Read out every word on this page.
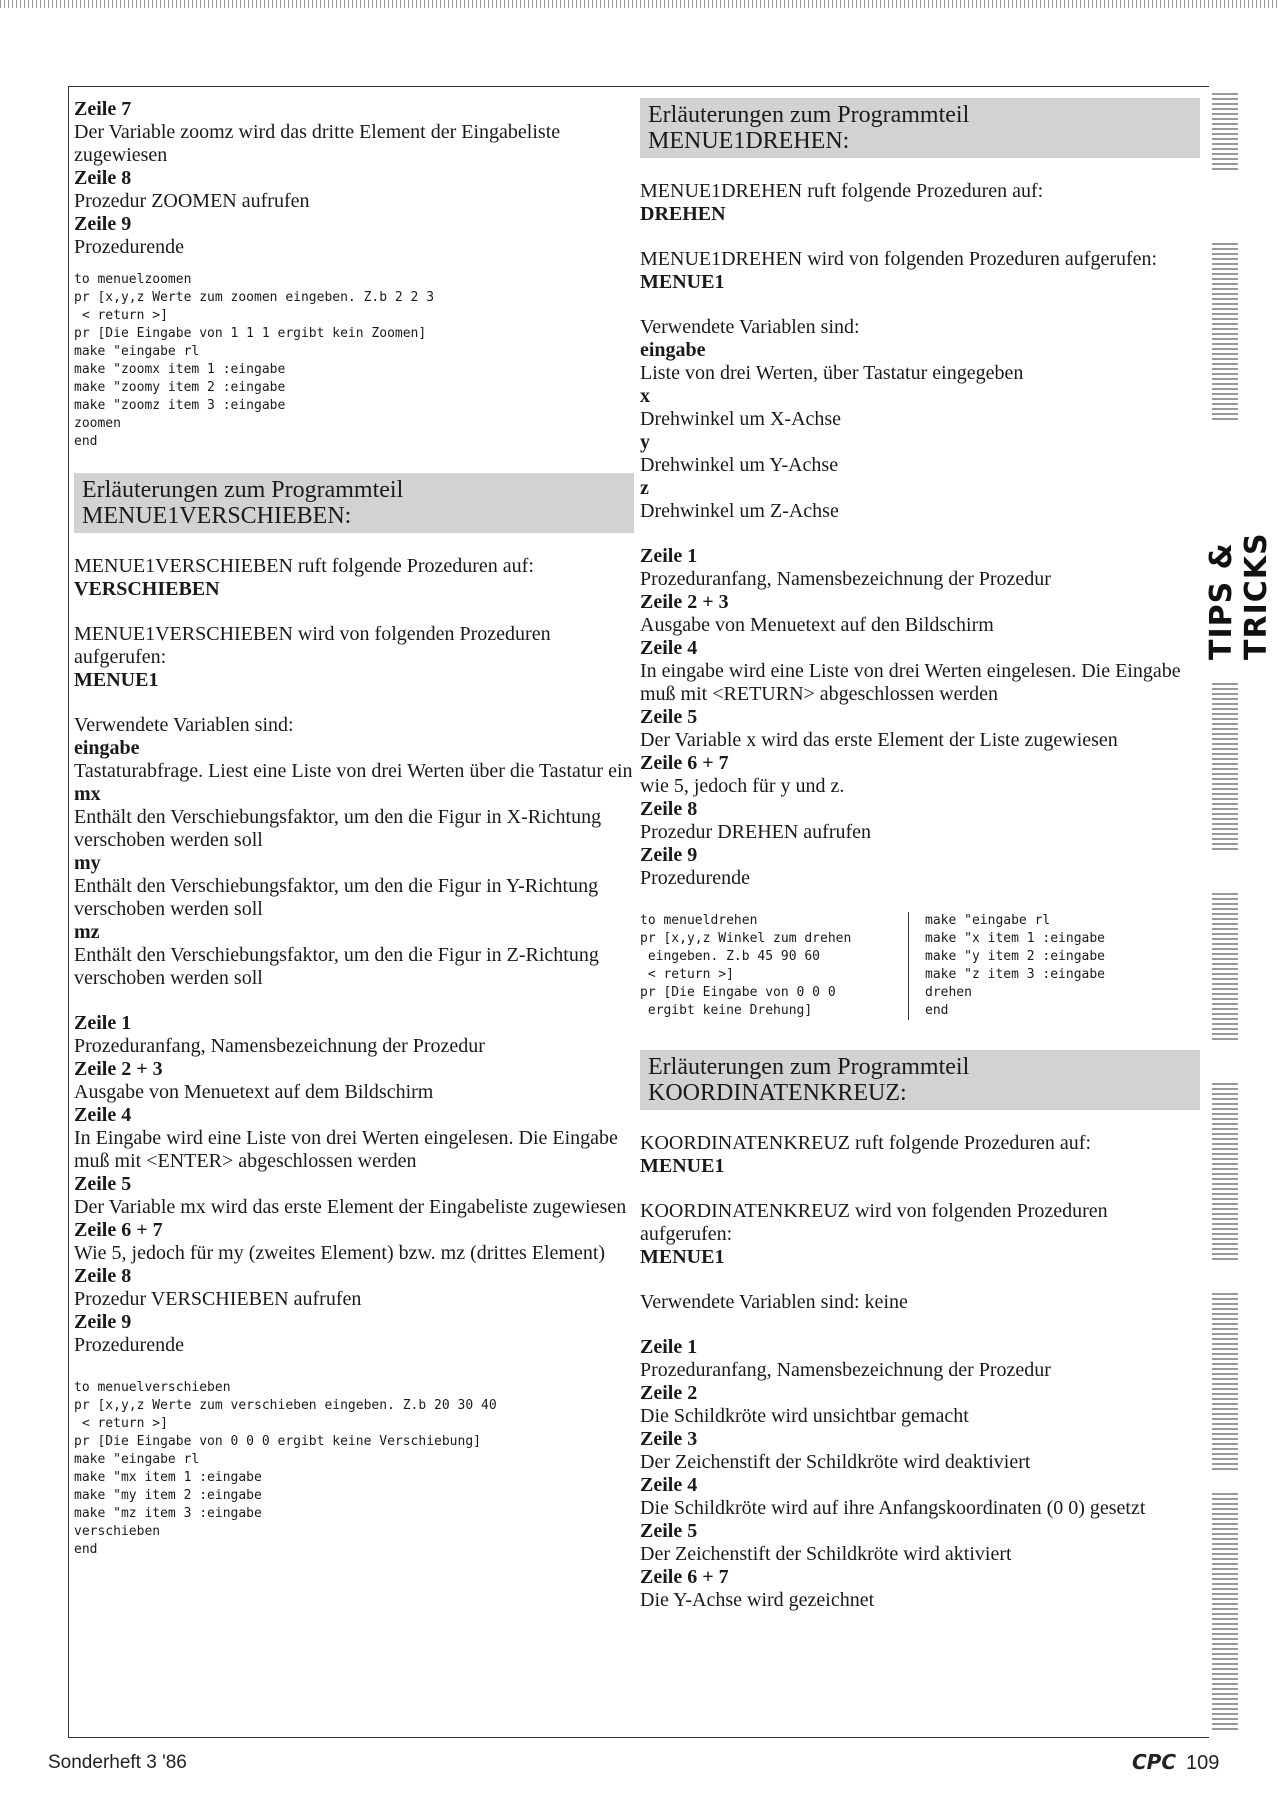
Zeile 7
Der Variable zoomz wird das dritte Element der Eingabeliste zugewiesen
Zeile 8
Prozedur ZOOMEN aufrufen
Zeile 9
Prozedurende
to menuelzoomen
pr [x,y,z Werte zum zoomen eingeben. Z.b 2 2 3
< return >]
pr [Die Eingabe von 1 1 1 ergibt kein Zoomen]
make "eingabe rl
make "zoomx item 1 :eingabe
make "zoomy item 2 :eingabe
make "zoomz item 3 :eingabe
zoomen
end
Erläuterungen zum Programmteil
MENUE1VERSCHIEBEN:
MENUE1VERSCHIEBEN ruft folgende Prozeduren auf:
VERSCHIEBEN
MENUE1VERSCHIEBEN wird von folgenden Prozeduren aufgerufen:
MENUE1
Verwendete Variablen sind:
eingabe
Tastaturabfrage. Liest eine Liste von drei Werten über die Tastatur ein
mx
Enthält den Verschiebungsfaktor, um den die Figur in X-Richtung verschoben werden soll
my
Enthält den Verschiebungsfaktor, um den die Figur in Y-Richtung verschoben werden soll
mz
Enthält den Verschiebungsfaktor, um den die Figur in Z-Richtung verschoben werden soll
Zeile 1
Prozeduranfang, Namensbezeichnung der Prozedur
Zeile 2 + 3
Ausgabe von Menuetext auf dem Bildschirm
Zeile 4
In Eingabe wird eine Liste von drei Werten eingelesen. Die Eingabe muß mit <ENTER> abgeschlossen werden
Zeile 5
Der Variable mx wird das erste Element der Eingabeliste zugewiesen
Zeile 6 + 7
Wie 5, jedoch für my (zweites Element) bzw. mz (drittes Element)
Zeile 8
Prozedur VERSCHIEBEN aufrufen
Zeile 9
Prozedurende
to menuelverschieben
pr [x,y,z Werte zum verschieben eingeben. Z.b 20 30 40
< return >]
pr [Die Eingabe von 0 0 0 ergibt keine Verschiebung]
make "eingabe rl
make "mx item 1 :eingabe
make "my item 2 :eingabe
make "mz item 3 :eingabe
verschieben
end
Erläuterungen zum Programmteil
MENUE1DREHEN:
MENUE1DREHEN ruft folgende Prozeduren auf:
DREHEN
MENUE1DREHEN wird von folgenden Prozeduren aufgerufen:
MENUE1
Verwendete Variablen sind:
eingabe
Liste von drei Werten, über Tastatur eingegeben
x
Drehwinkel um X-Achse
y
Drehwinkel um Y-Achse
z
Drehwinkel um Z-Achse
Zeile 1
Prozeduranfang, Namensbezeichnung der Prozedur
Zeile 2 + 3
Ausgabe von Menuetext auf den Bildschirm
Zeile 4
In eingabe wird eine Liste von drei Werten eingelesen. Die Eingabe muß mit <RETURN> abgeschlossen werden
Zeile 5
Der Variable x wird das erste Element der Liste zugewiesen
Zeile 6 + 7
wie 5, jedoch für y und z.
Zeile 8
Prozedur DREHEN aufrufen
Zeile 9
Prozedurende
to menueldrehen
pr [x,y,z Winkel zum drehen
eingeben. Z.b 45 90 60
< return >]
pr [Die Eingabe von 0 0 0
ergibt keine Drehung]
make "eingabe rl
make "x item 1 :eingabe
make "y item 2 :eingabe
make "z item 3 :eingabe
drehen
end
Erläuterungen zum Programmteil
KOORDINATENKREUZ:
KOORDINATENKREUZ ruft folgende Prozeduren auf:
MENUE1
KOORDINATENKREUZ wird von folgenden Prozeduren aufgerufen:
MENUE1
Verwendete Variablen sind: keine
Zeile 1
Prozeduranfang, Namensbezeichnung der Prozedur
Zeile 2
Die Schildkröte wird unsichtbar gemacht
Zeile 3
Der Zeichenstift der Schildkröte wird deaktiviert
Zeile 4
Die Schildkröte wird auf ihre Anfangskoordinaten (0 0) gesetzt
Zeile 5
Der Zeichenstift der Schildkröte wird aktiviert
Zeile 6 + 7
Die Y-Achse wird gezeichnet
TIPS & TRICKS
Sonderheft 3 '86	CPC 109
